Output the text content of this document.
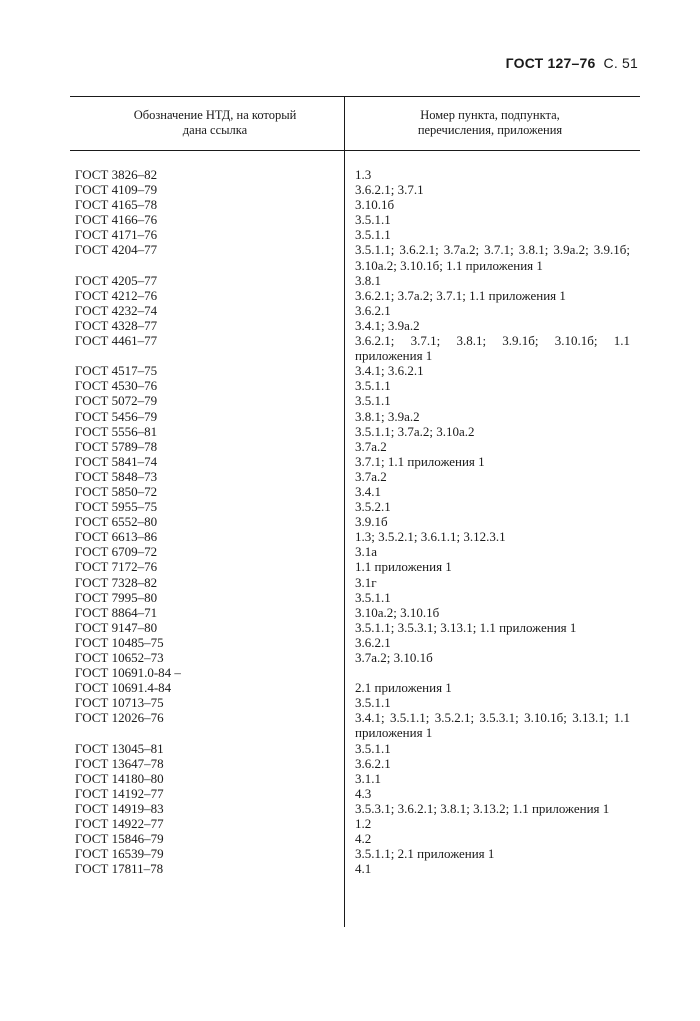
ГОСТ 127–76 С. 51
Обозначение НТД, на который
дана ссылка
Номер пункта, подпункта,
перечисления, приложения
ГОСТ 3826–82	1.3
ГОСТ 4109–79	3.6.2.1; 3.7.1
ГОСТ 4165–78	3.10.1б
ГОСТ 4166–76	3.5.1.1
ГОСТ 4171–76	3.5.1.1
ГОСТ 4204–77	3.5.1.1; 3.6.2.1; 3.7а.2; 3.7.1; 3.8.1; 3.9а.2; 3.9.1б; 3.10а.2; 3.10.1б; 1.1 приложения 1
ГОСТ 4205–77	3.8.1
ГОСТ 4212–76	3.6.2.1; 3.7а.2; 3.7.1; 1.1 приложения 1
ГОСТ 4232–74	3.6.2.1
ГОСТ 4328–77	3.4.1; 3.9а.2
ГОСТ 4461–77	3.6.2.1; 3.7.1; 3.8.1; 3.9.1б; 3.10.1б; 1.1 приложения 1
ГОСТ 4517–75	3.4.1; 3.6.2.1
ГОСТ 4530–76	3.5.1.1
ГОСТ 5072–79	3.5.1.1
ГОСТ 5456–79	3.8.1; 3.9а.2
ГОСТ 5556–81	3.5.1.1; 3.7а.2; 3.10а.2
ГОСТ 5789–78	3.7а.2
ГОСТ 5841–74	3.7.1; 1.1 приложения 1
ГОСТ 5848–73	3.7а.2
ГОСТ 5850–72	3.4.1
ГОСТ 5955–75	3.5.2.1
ГОСТ 6552–80	3.9.1б
ГОСТ 6613–86	1.3; 3.5.2.1; 3.6.1.1; 3.12.3.1
ГОСТ 6709–72	3.1а
ГОСТ 7172–76	1.1 приложения 1
ГОСТ 7328–82	3.1г
ГОСТ 7995–80	3.5.1.1
ГОСТ 8864–71	3.10а.2; 3.10.1б
ГОСТ 9147–80	3.5.1.1; 3.5.3.1; 3.13.1; 1.1 приложения 1
ГОСТ 10485–75	3.6.2.1
ГОСТ 10652–73	3.7а.2; 3.10.1б
ГОСТ 10691.0-84 –
ГОСТ 10691.4-84	2.1 приложения 1
ГОСТ 10713–75	3.5.1.1
ГОСТ 12026–76	3.4.1; 3.5.1.1; 3.5.2.1; 3.5.3.1; 3.10.1б; 3.13.1; 1.1 приложения 1
ГОСТ 13045–81	3.5.1.1
ГОСТ 13647–78	3.6.2.1
ГОСТ 14180–80	3.1.1
ГОСТ 14192–77	4.3
ГОСТ 14919–83	3.5.3.1; 3.6.2.1; 3.8.1; 3.13.2; 1.1 приложения 1
ГОСТ 14922–77	1.2
ГОСТ 15846–79	4.2
ГОСТ 16539–79	3.5.1.1; 2.1 приложения 1
ГОСТ 17811–78	4.1
